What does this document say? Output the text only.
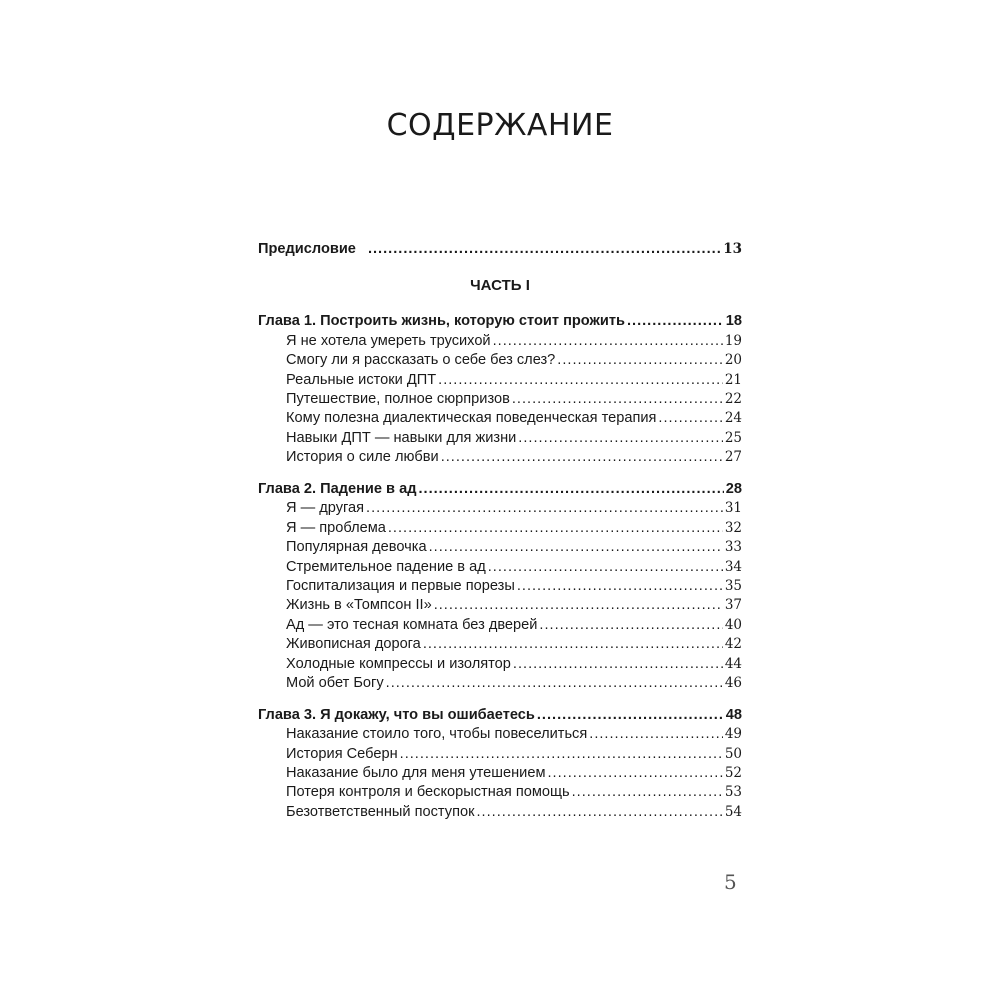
СОДЕРЖАНИЕ
Предисловие .....	13
ЧАСТЬ I
Глава 1. Построить жизнь, которую стоит прожить .....	18
Я не хотела умереть трусихой .....	19
Смогу ли я рассказать о себе без слез? .....	20
Реальные истоки ДПТ .....	21
Путешествие, полное сюрпризов .....	22
Кому полезна диалектическая поведенческая терапия .....	24
Навыки ДПТ — навыки для жизни .....	25
История о силе любви .....	27
Глава 2. Падение в ад .....	28
Я — другая .....	31
Я — проблема .....	32
Популярная девочка .....	33
Стремительное падение в ад .....	34
Госпитализация и первые порезы .....	35
Жизнь в «Томпсон II» .....	37
Ад — это тесная комната без дверей .....	40
Живописная дорога .....	42
Холодные компрессы и изолятор .....	44
Мой обет Богу .....	46
Глава 3. Я докажу, что вы ошибаетесь .....	48
Наказание стоило того, чтобы повеселиться .....	49
История Себерн .....	50
Наказание было для меня утешением .....	52
Потеря контроля и бескорыстная помощь .....	53
Безответственный поступок .....	54
5
